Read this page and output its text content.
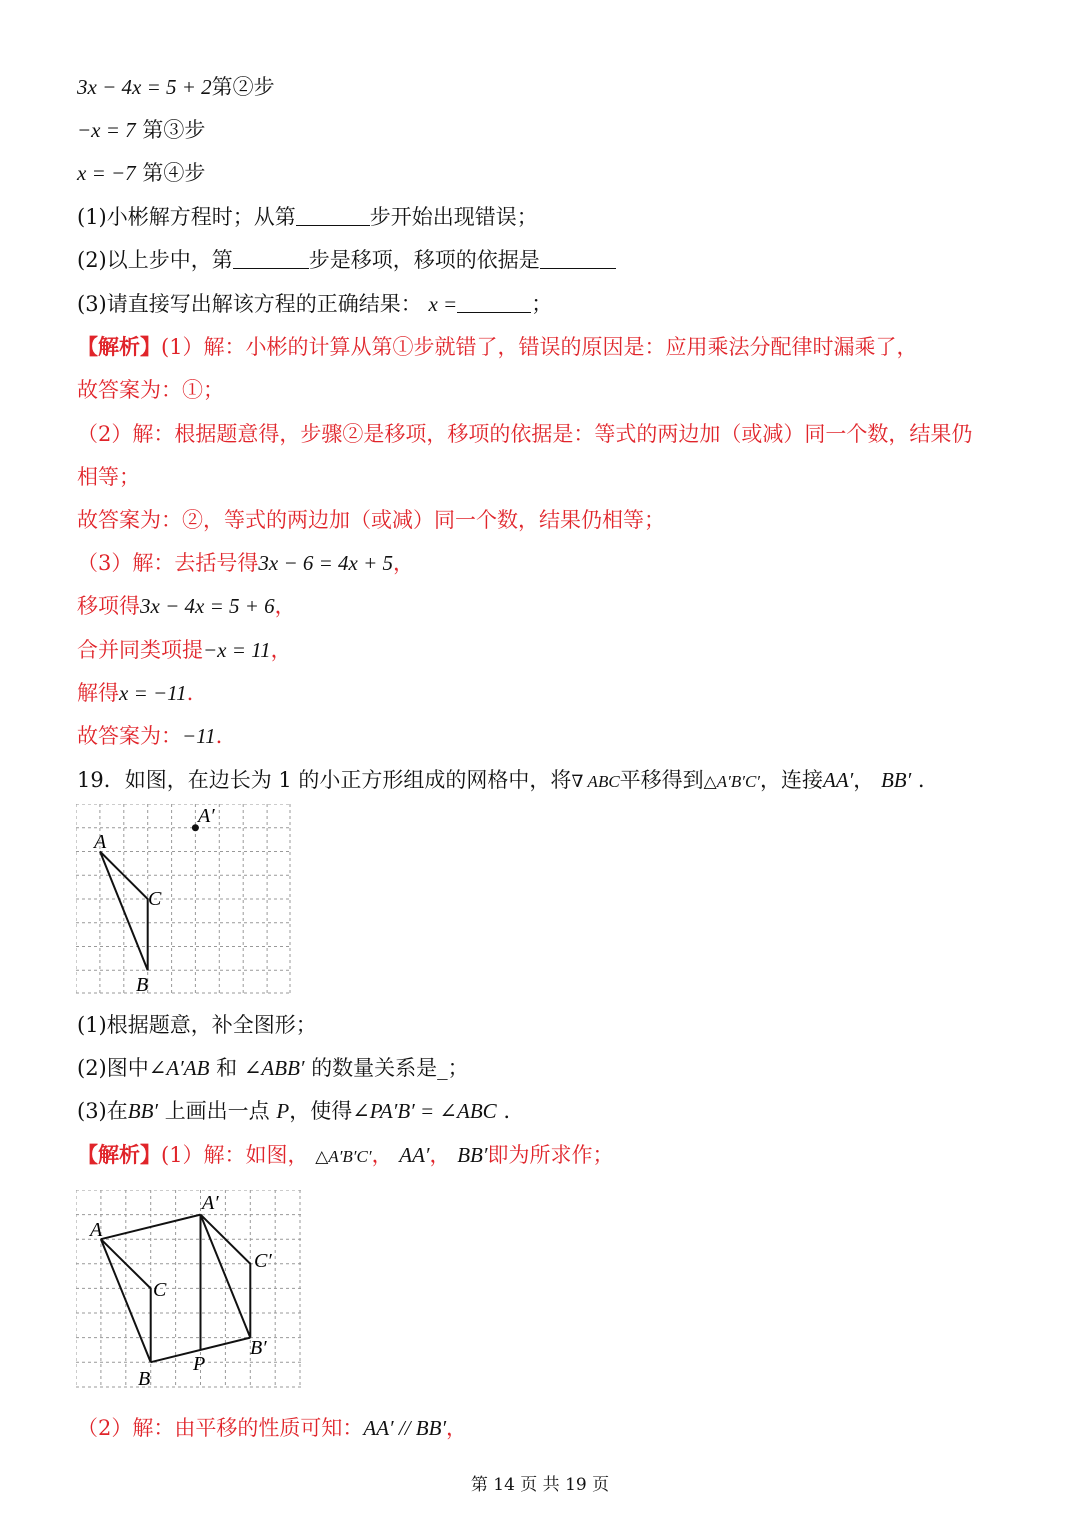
3x − 4x = 5 + 2第②步
−x = 7 第③步
x = −7 第④步
(1)小彬解方程时；从第	步开始出现错误；
(2)以上步中，第	步是移项，移项的依据是
(3)请直接写出解该方程的正确结果： x =	；
【解析】(1）解：小彬的计算从第①步就错了，错误的原因是：应用乘法分配律时漏乘了，
故答案为：①；
（2）解：根据题意得，步骤②是移项，移项的依据是：等式的两边加（或减）同一个数，结果仍
相等；
故答案为：②，等式的两边加（或减）同一个数，结果仍相等；
（3）解：去括号得3x − 6 = 4x + 5，
移项得3x − 4x = 5 + 6，
合并同类项提−x = 11，
解得x = −11.
故答案为：−11.
19．如图，在边长为 1 的小正方形组成的网格中，将∇ ABC平移得到△A′B′C′，连接AA′， BB′ .
A
A′
C
B
(1)根据题意，补全图形；
(2)图中∠A′AB 和 ∠ABB′ 的数量关系是_；
(3)在BB′ 上画出一点 P，使得∠PA′B′ = ∠ABC .
【解析】(1）解：如图， △A′B′C′， AA′， BB′即为所求作；
A
A′
C
C′
B
B′
P
（2）解：由平移的性质可知：AA′ // BB′，
第 14 页 共 19 页
